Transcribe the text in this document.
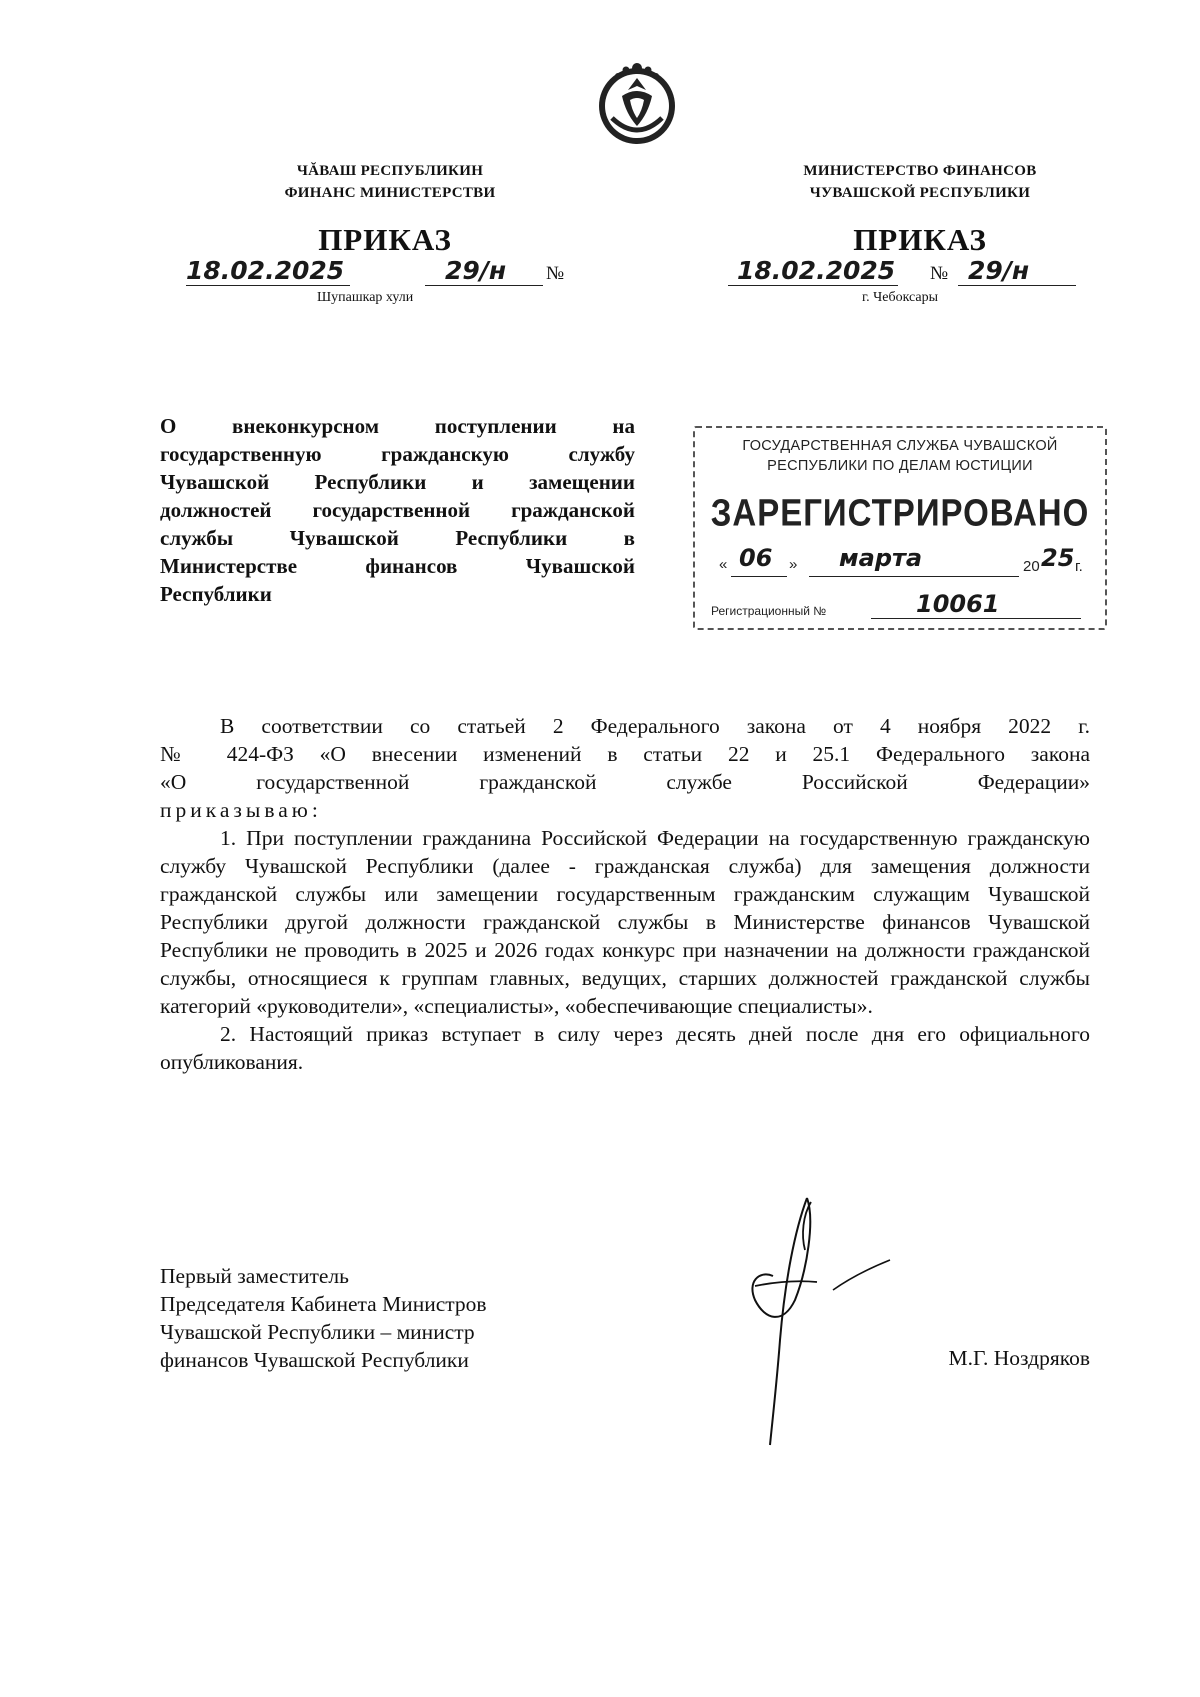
ЧĂВАШ РЕСПУБЛИКИН
ФИНАНС МИНИСТЕРСТВИ
МИНИСТЕРСТВО ФИНАНСОВ
ЧУВАШСКОЙ РЕСПУБЛИКИ
ПРИКАЗ
18.02.2025	29/н №
Шупашкар хули
ПРИКАЗ
18.02.2025 № 29/н
г. Чебоксары
О внеконкурсном поступлении на
государственную гражданскую службу
Чувашской Республики и замещении
должностей государственной гражданской
службы Чувашской Республики в
Министерстве финансов Чувашской
Республики
ГОСУДАРСТВЕННАЯ СЛУЖБА ЧУВАШСКОЙ
РЕСПУБЛИКИ ПО ДЕЛАМ ЮСТИЦИИ
ЗАРЕГИСТРИРОВАНО
« 06 » марта	20 25 г.
Регистрационный №	10061

В соответствии со статьей 2 Федерального закона от 4 ноября 2022 г.

№ 424-ФЗ «О внесении изменений в статьи 22 и 25.1 Федерального закона

«О государственной гражданской службе Российской Федерации»

приказываю:

1. При поступлении гражданина Российской Федерации на государственную гражданскую службу Чувашской Республики (далее - гражданская служба) для замещения должности гражданской службы или замещении государственным гражданским служащим Чувашской Республики другой должности гражданской службы в Министерстве финансов Чувашской Республики не проводить в 2025 и 2026 годах конкурс при назначении на должности гражданской службы, относящиеся к группам главных, ведущих, старших должностей гражданской службы категорий «руководители», «специалисты», «обеспечивающие специалисты».

2. Настоящий приказ вступает в силу через десять дней после дня его официального опубликования.

Первый заместитель
Председателя Кабинета Министров
Чувашской Республики – министр
финансов Чувашской Республики	М.Г. Ноздряков
